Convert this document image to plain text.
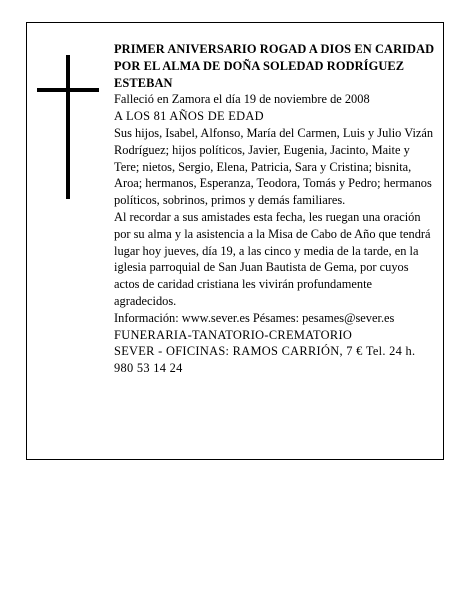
PRIMER ANIVERSARIO ROGAD A DIOS EN CARIDAD POR EL ALMA DE DOÑA SOLEDAD RODRÍGUEZ ESTEBAN

Falleció en Zamora el día 19 de noviembre de 2008

A LOS 81 AÑOS DE EDAD

Sus hijos, Isabel, Alfonso, María del Carmen, Luis y Julio Vizán Rodríguez; hijos políticos, Javier, Eugenia, Jacinto, Maite y Tere; nietos, Sergio, Elena, Patricia, Sara y Cristina; bisnita, Aroa; hermanos, Esperanza, Teodora, Tomás y Pedro; hermanos políticos, sobrinos, primos y demás familiares.

Al recordar a sus amistades esta fecha, les ruegan una oración por su alma y la asistencia a la Misa de Cabo de Año que tendrá lugar hoy jueves, día 19, a las cinco y media de la tarde, en la iglesia parroquial de San Juan Bautista de Gema, por cuyos actos de caridad cristiana les vivirán profundamente agradecidos.

Información: www.sever.es Pésames: pesames@sever.es

FUNERARIA-TANATORIO-CREMATORIO

SEVER - OFICINAS: RAMOS CARRIÓN, 7 € Tel. 24 h. 980 53 14 24
